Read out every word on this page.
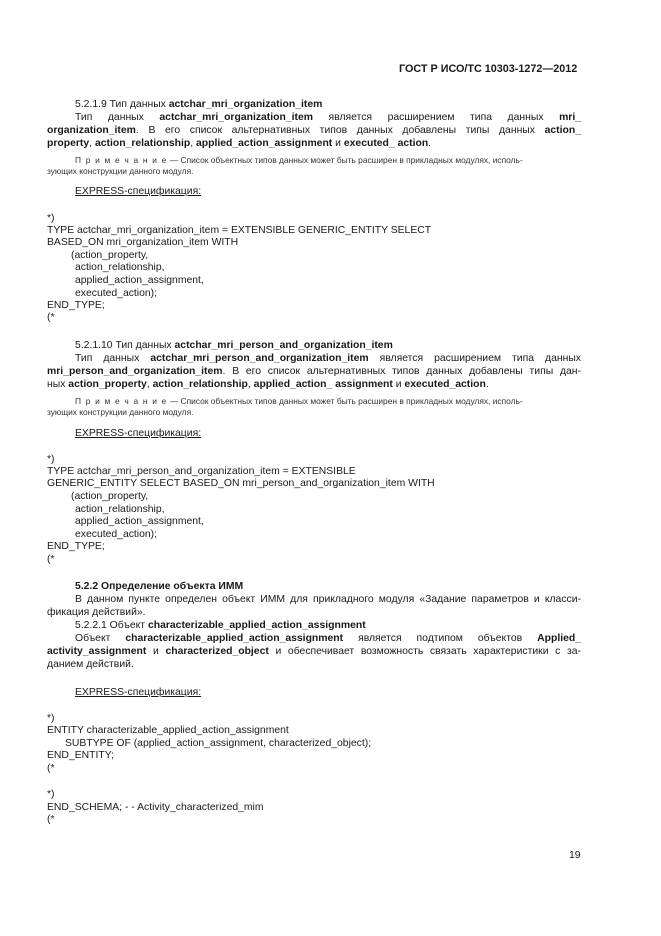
ГОСТ Р ИСО/ТС 10303-1272—2012
5.2.1.9 Тип данных actchar_mri_organization_item
Тип данных actchar_mri_organization_item является расширением типа данных mri_
organization_item. В его список альтернативных типов данных добавлены типы данных action_
property, action_relationship, applied_action_assignment и executed_ action.
П р и м е ч а н и е — Список объектных типов данных может быть расширен в прикладных модулях, исполь-
зующих конструкции данного модуля.
EXPRESS-спецификация:
*)
TYPE actchar_mri_organization_item = EXTENSIBLE GENERIC_ENTITY SELECT
BASED_ON mri_organization_item WITH
(action_property,
action_relationship,
applied_action_assignment,
executed_action);
END_TYPE;
(*
5.2.1.10 Тип данных actchar_mri_person_and_organization_item
Тип данных actchar_mri_person_and_organization_item является расширением типа данных
mri_person_and_organization_item. В его список альтернативных типов данных добавлены типы дан-
ных action_property, action_relationship, applied_action_ assignment и executed_action.
П р и м е ч а н и е — Список объектных типов данных может быть расширен в прикладных модулях, исполь-
зующих конструкции данного модуля.
EXPRESS-спецификация:
*)
TYPE actchar_mri_person_and_organization_item = EXTENSIBLE
GENERIC_ENTITY SELECT BASED_ON mri_person_and_organization_item WITH
(action_property,
action_relationship,
applied_action_assignment,
executed_action);
END_TYPE;
(*
5.2.2 Определение объекта ИММ
В данном пункте определен объект ИММ для прикладного модуля «Задание параметров и класси-
фикация действий».
5.2.2.1 Объект characterizable_applied_action_assignment
Объект characterizable_applied_action_assignment является подтипом объектов Applied_
activity_assignment и characterized_object и обеспечивает возможность связать характеристики с за-
данием действий.
EXPRESS-спецификация:
*)
ENTITY characterizable_applied_action_assignment
SUBTYPE OF (applied_action_assignment, characterized_object);
END_ENTITY;
(*
*)
END_SCHEMA; - - Activity_characterized_mim
(*
19
